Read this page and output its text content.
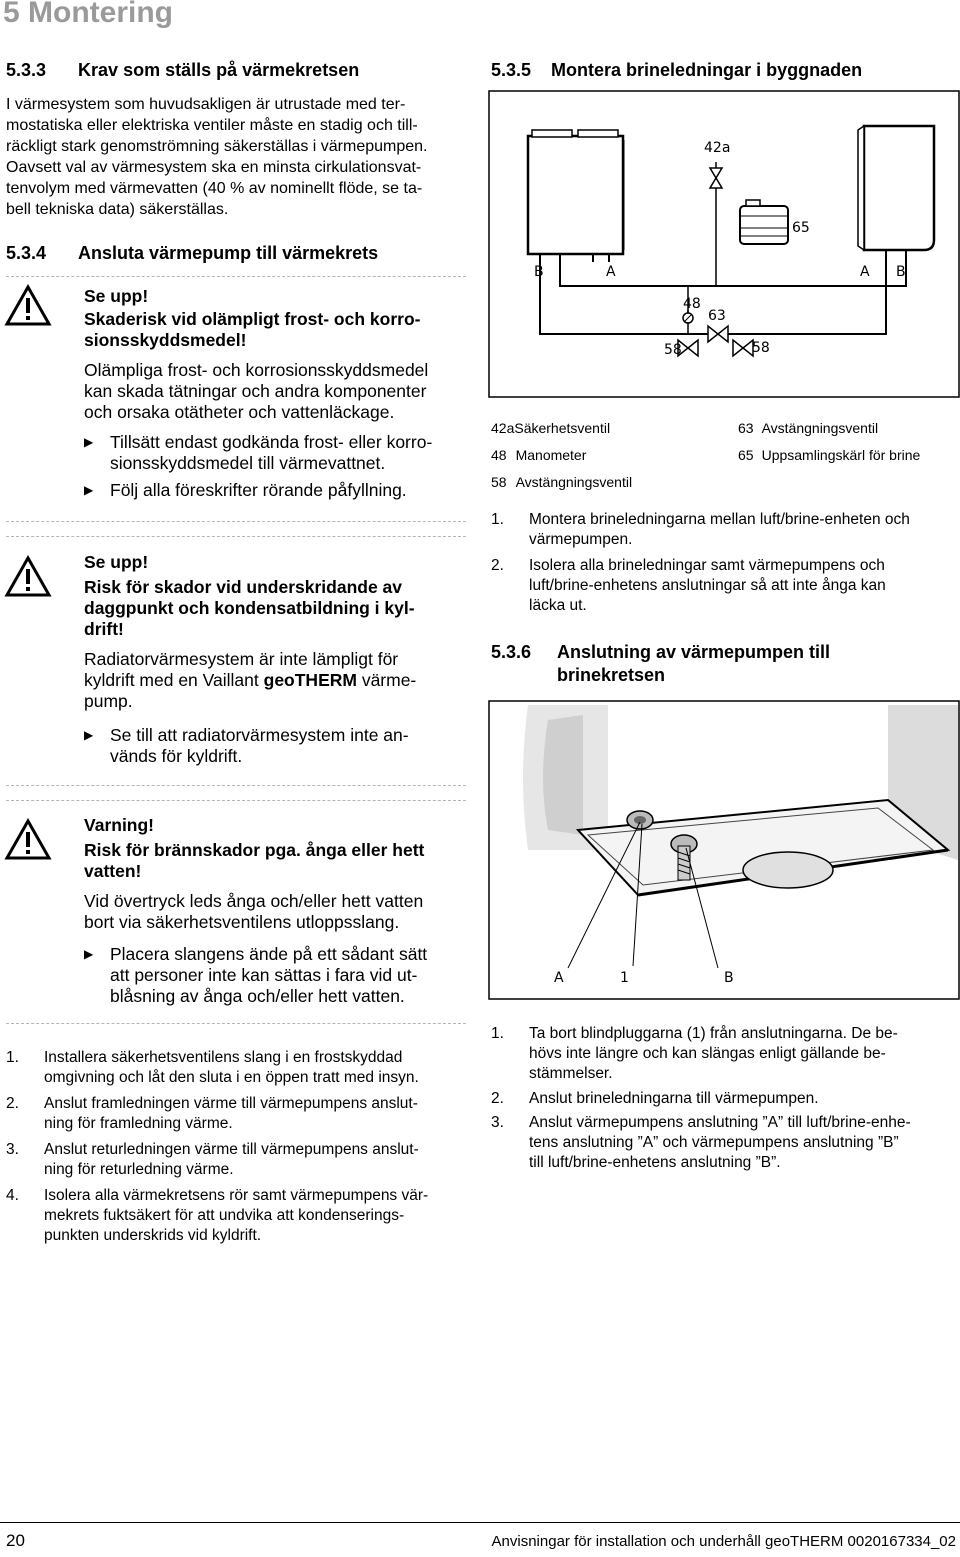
5 Montering
5.3.3 Krav som ställs på värmekretsen
I värmesystem som huvudsakligen är utrustade med ter-
mostatiska eller elektriska ventiler måste en stadig och till-
räckligt stark genomströmning säkerställas i värmepumpen.
Oavsett val av värmesystem ska en minsta cirkulationsvat-
tenvolym med värmevatten (40 % av nominellt flöde, se ta-
bell tekniska data) säkerställas.
5.3.4 Ansluta värmepump till värmekrets
Se upp!
Skaderisk vid olämpligt frost- och korro-
sionsskyddsmedel!
Olämpliga frost- och korrosionsskyddsmedel
kan skada tätningar och andra komponenter
och orsaka otätheter och vattenläckage.
▶ Tillsätt endast godkända frost- eller korro-
sionsskyddsmedel till värmevattnet.
▶ Följ alla föreskrifter rörande påfyllning.
Se upp!
Risk för skador vid underskridande av
daggpunkt och kondensatbildning i kyl-
drift!
Radiatorvärmesystem är inte lämpligt för
kyldrift med en Vaillant geoTHERM värme-
pump.
▶ Se till att radiatorvärmesystem inte an-
vänds för kyldrift.
Varning!
Risk för brännskador pga. ånga eller hett
vatten!
Vid övertryck leds ånga och/eller hett vatten
bort via säkerhetsventilens utloppsslang.
▶ Placera slangens ände på ett sådant sätt
att personer inte kan sättas i fara vid ut-
blåsning av ånga och/eller hett vatten.
1. Installera säkerhetsventilens slang i en frostskyddad
omgivning och låt den sluta i en öppen tratt med insyn.
2. Anslut framledningen värme till värmepumpens anslut-
ning för framledning värme.
3. Anslut returledningen värme till värmepumpens anslut-
ning för returledning värme.
4. Isolera alla värmekretsens rör samt värmepumpens vär-
mekrets fuktsäkert för att undvika att kondenserings-
punkten underskrids vid kyldrift.
5.3.5 Montera brineledningar i byggnaden
42a
65
48
63
58	58
B	A	A B
42aSäkerhetsventil	63 Avstängningsventil
48 Manometer	65 Uppsamlingskärl för brine
58 Avstängningsventil
1. Montera brineledningarna mellan luft/brine-enheten och
värmepumpen.
2. Isolera alla brineledningar samt värmepumpens och
luft/brine-enhetens anslutningar så att inte ånga kan
läcka ut.
5.3.6 Anslutning av värmepumpen till
brinekretsen
A	1	B
1. Ta bort blindpluggarna (1) från anslutningarna. De be-
hövs inte längre och kan slängas enligt gällande be-
stämmelser.
2. Anslut brineledningarna till värmepumpen.
3. Anslut värmepumpens anslutning ”A” till luft/brine-enhe-
tens anslutning ”A” och värmepumpens anslutning ”B”
till luft/brine-enhetens anslutning ”B”.
20	Anvisningar för installation och underhåll geoTHERM 0020167334_02
